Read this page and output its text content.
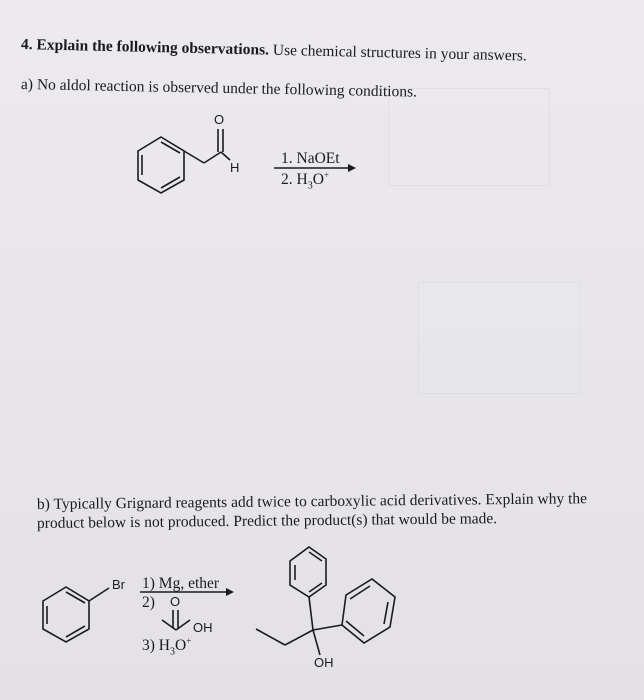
4. Explain the following observations. Use chemical structures in your answers.
a) No aldol reaction is observed under the following conditions.
O
H
1. NaOEt
2. $H_3O^+$
b) Typically Grignard reagents add twice to carboxylic acid derivatives. Explain why the
product below is not produced. Predict the product(s) that would be made.
Br 1) Mg, ether
2) O
OH
3) $H_3O^+$
OH
